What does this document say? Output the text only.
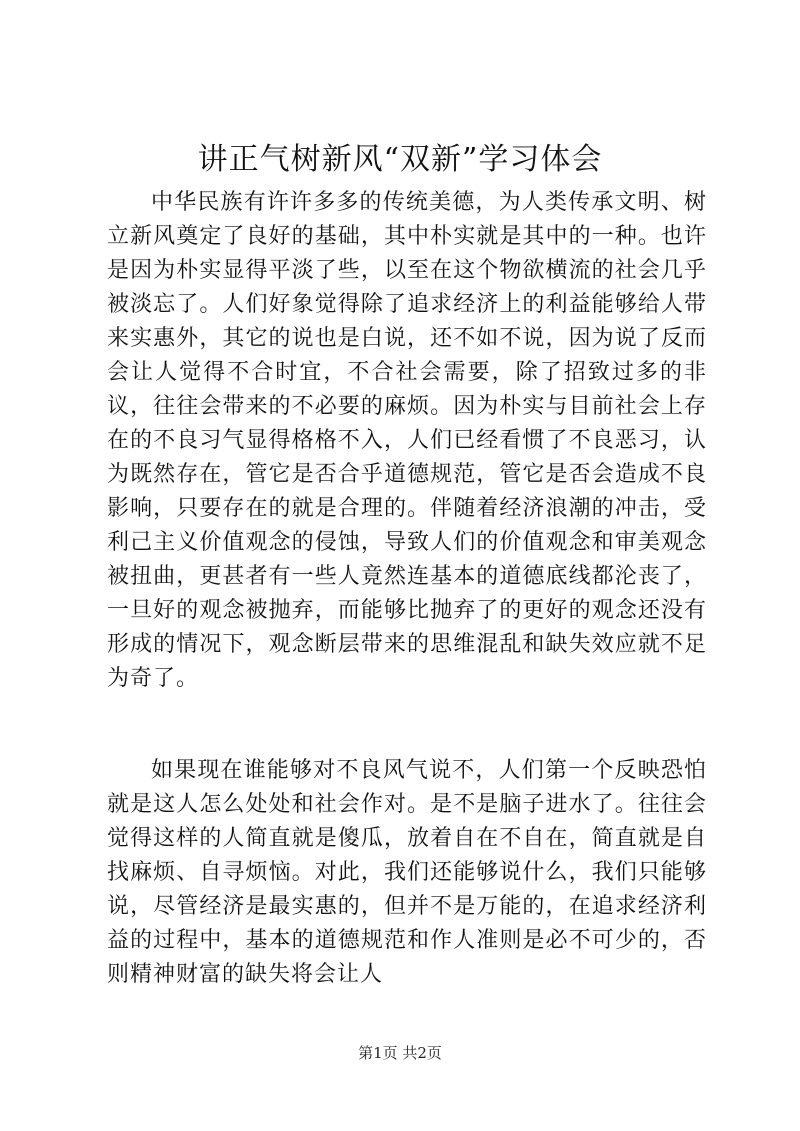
讲正气树新风“双新”学习体会

中华民族有许许多多的传统美德，为人类传承文明、树立新风奠定了良好的基础，其中朴实就是其中的一种。也许是因为朴实显得平淡了些，以至在这个物欲横流的社会几乎被淡忘了。人们好象觉得除了追求经济上的利益能够给人带来实惠外，其它的说也是白说，还不如不说，因为说了反而会让人觉得不合时宜，不合社会需要，除了招致过多的非议，往往会带来的不必要的麻烦。因为朴实与目前社会上存在的不良习气显得格格不入，人们已经看惯了不良恶习，认为既然存在，管它是否合乎道德规范，管它是否会造成不良影响，只要存在的就是合理的。伴随着经济浪潮的冲击，受利己主义价值观念的侵蚀，导致人们的价值观念和审美观念被扭曲，更甚者有一些人竟然连基本的道德底线都沦丧了，一旦好的观念被抛弃，而能够比抛弃了的更好的观念还没有形成的情况下，观念断层带来的思维混乱和缺失效应就不足为奇了。

如果现在谁能够对不良风气说不，人们第一个反映恐怕就是这人怎么处处和社会作对。是不是脑子进水了。往往会觉得这样的人简直就是傻瓜，放着自在不自在，简直就是自找麻烦、自寻烦恼。对此，我们还能够说什么，我们只能够说，尽管经济是最实惠的，但并不是万能的，在追求经济利益的过程中，基本的道德规范和作人准则是必不可少的，否则精神财富的缺失将会让人

第1页 共2页
